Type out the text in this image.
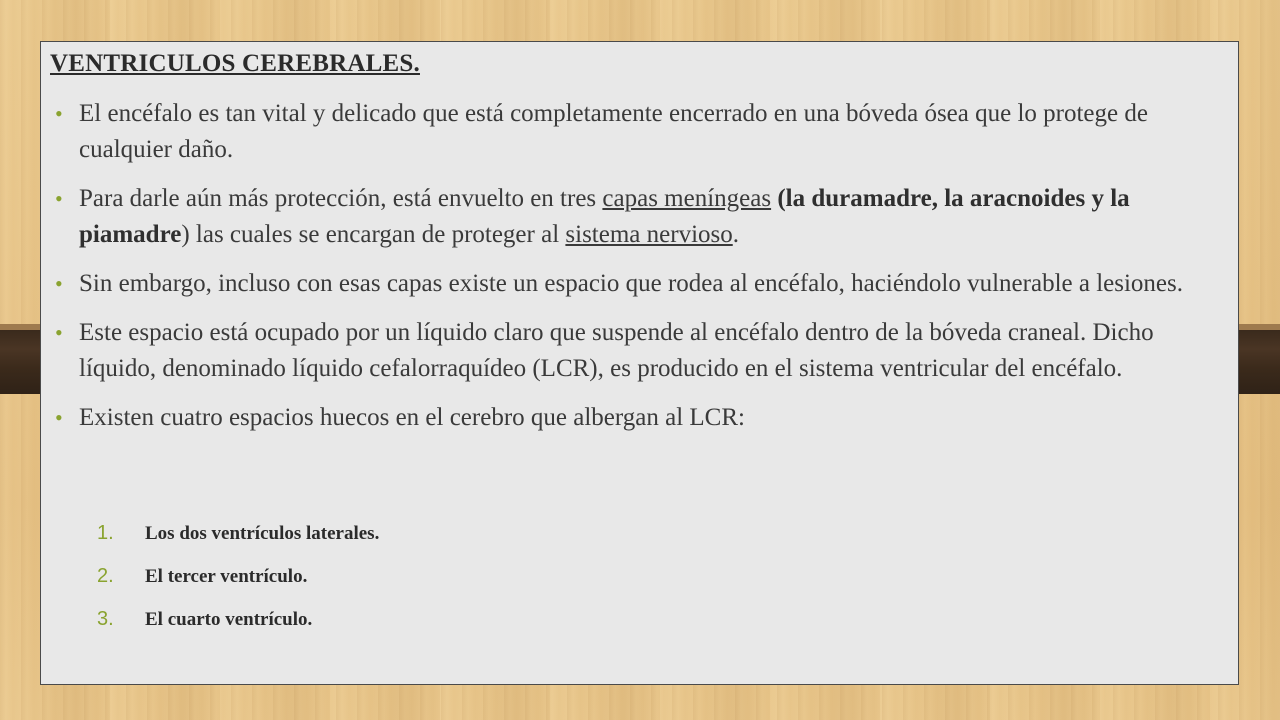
VENTRICULOS CEREBRALES.
• El encéfalo es tan vital y delicado que está completamente encerrado en una bóveda ósea que lo protege de cualquier daño.
• Para darle aún más protección, está envuelto en tres capas meníngeas (la duramadre, la aracnoides y la piamadre) las cuales se encargan de proteger al sistema nervioso.
• Sin embargo, incluso con esas capas existe un espacio que rodea al encéfalo, haciéndolo vulnerable a lesiones.
• Este espacio está ocupado por un líquido claro que suspende al encéfalo dentro de la bóveda craneal. Dicho líquido, denominado líquido cefalorraquídeo (LCR), es producido en el sistema ventricular del encéfalo.
• Existen cuatro espacios huecos en el cerebro que albergan al LCR:
1. Los dos ventrículos laterales.
2. El tercer ventrículo.
3. El cuarto ventrículo.
